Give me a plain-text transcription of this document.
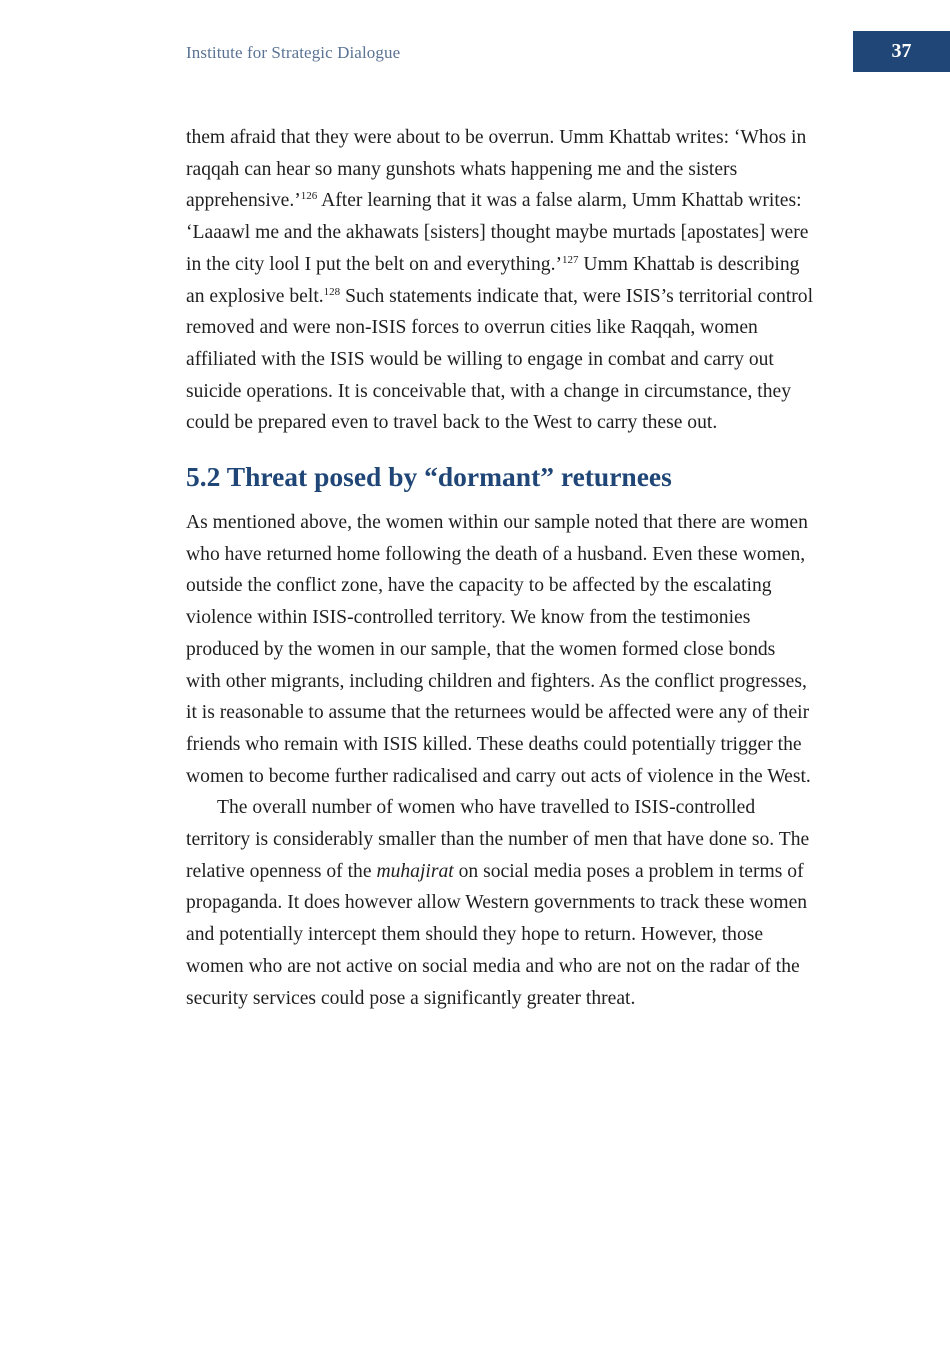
Institute for Strategic Dialogue	37

them afraid that they were about to be overrun. Umm Khattab writes: ‘Whos in raqqah can hear so many gunshots whats happening me and the sisters apprehensive.’$^{126}$ After learning that it was a false alarm, Umm Khattab writes: ‘Laaawl me and the akhawats [sisters] thought maybe murtads [apostates] were in the city lool I put the belt on and everything.’$^{127}$ Umm Khattab is describing an explosive belt.$^{128}$ Such statements indicate that, were ISIS’s territorial control removed and were non-ISIS forces to overrun cities like Raqqah, women affiliated with the ISIS would be willing to engage in combat and carry out suicide operations. It is conceivable that, with a change in circumstance, they could be prepared even to travel back to the West to carry these out.

5.2 Threat posed by “dormant” returnees

As mentioned above, the women within our sample noted that there are women who have returned home following the death of a husband. Even these women, outside the conflict zone, have the capacity to be affected by the escalating violence within ISIS-controlled territory. We know from the testimonies produced by the women in our sample, that the women formed close bonds with other migrants, including children and fighters. As the conflict progresses, it is reasonable to assume that the returnees would be affected were any of their friends who remain with ISIS killed. These deaths could potentially trigger the women to become further radicalised and carry out acts of violence in the West.

The overall number of women who have travelled to ISIS-controlled territory is considerably smaller than the number of men that have done so. The relative openness of the muhajirat on social media poses a problem in terms of propaganda. It does however allow Western governments to track these women and potentially intercept them should they hope to return. However, those women who are not active on social media and who are not on the radar of the security services could pose a significantly greater threat.
